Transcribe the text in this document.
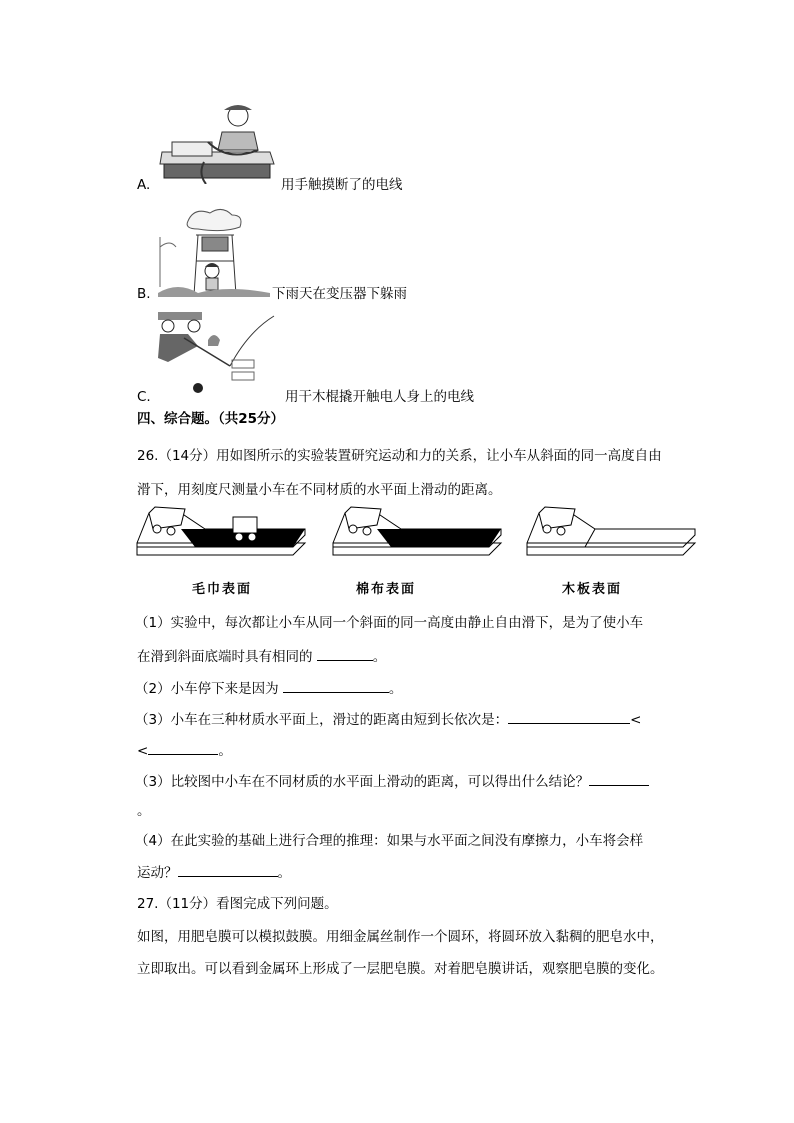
A.	用手触摸断了的电线
B.	下雨天在变压器下躲雨
C.	用干木棍撬开触电人身上的电线
四、综合题。（共25分）
26.（14分）用如图所示的实验装置研究运动和力的关系，让小车从斜面的同一高度自由
滑下，用刻度尺测量小车在不同材质的水平面上滑动的距离。
毛巾表面	棉布表面	木板表面
（1）实验中，每次都让小车从同一个斜面的同一高度由静止自由滑下，是为了使小车
在滑到斜面底端时具有相同的	。
（2）小车停下来是因为	。
（3）小车在三种材质水平面上，滑过的距离由短到长依次是：	<
<	。
（3）比较图中小车在不同材质的水平面上滑动的距离，可以得出什么结论？
。
（4）在此实验的基础上进行合理的推理：如果与水平面之间没有摩擦力，小车将会样
运动？	。
27.（11分）看图完成下列问题。
如图，用肥皂膜可以模拟鼓膜。用细金属丝制作一个圆环，将圆环放入黏稠的肥皂水中，
立即取出。可以看到金属环上形成了一层肥皂膜。对着肥皂膜讲话，观察肥皂膜的变化。
